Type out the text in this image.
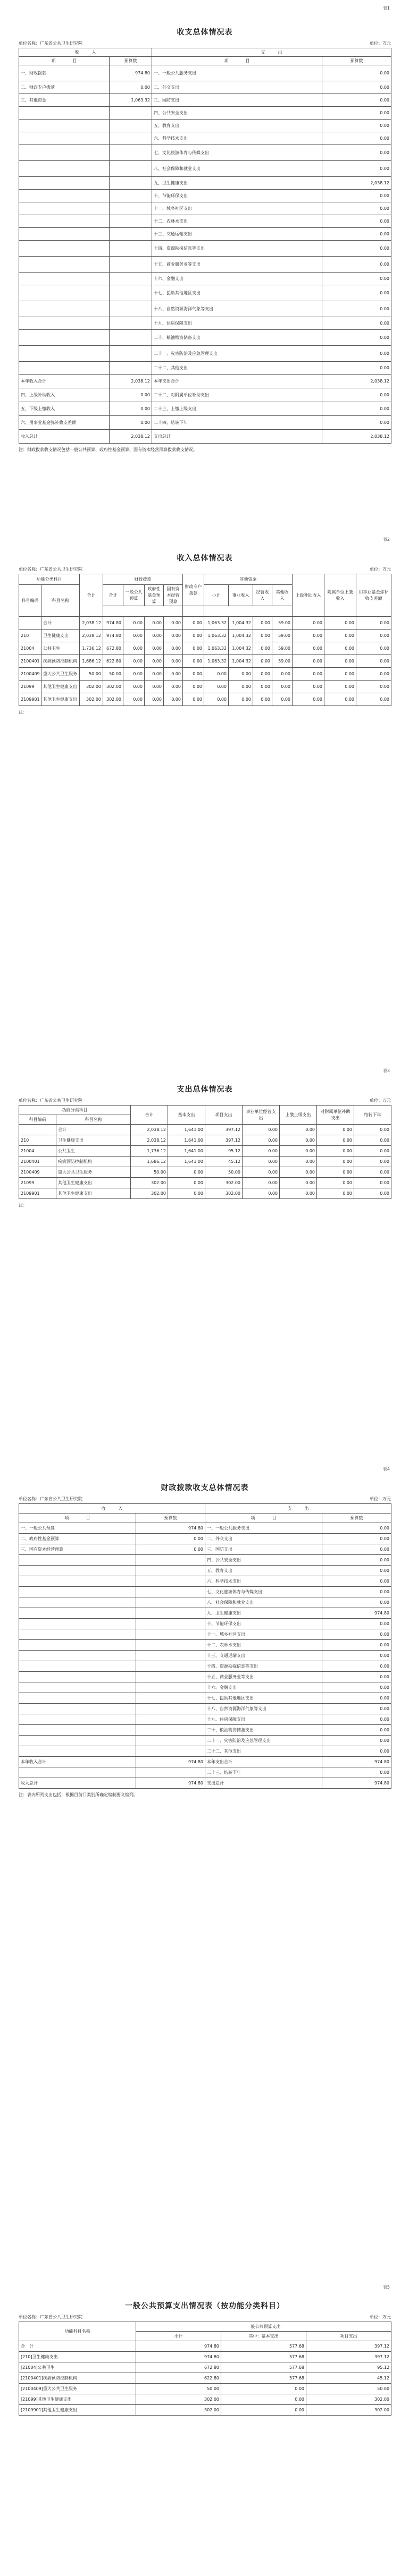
表1
收支总体情况表
单位名称：广东省公共卫生研究院	单位：万元
收　　　入		支　　　出	
项　　　　目	预算数	项　　　　目	预算数
一、财政拨款	974.80	一、一般公共服务支出	0.00
二、财政专户拨款	0.00	二、外交支出	0.00
三、其他资金	1,063.32	三、国防支出	0.00
		四、公共安全支出	0.00
		五、教育支出	0.00
		六、科学技术支出	0.00
		七、文化旅游体育与传媒支出	0.00
		八、社会保障和就业支出	0.00
		九、卫生健康支出	2,038.12
		十、节能环保支出	0.00
		十一、城乡社区支出	0.00
		十二、农林水支出	0.00
		十三、交通运输支出	0.00
		十四、资源勘探信息等支出	0.00
		十五、商业服务业等支出	0.00
		十六、金融支出	0.00
		十七、援助其他地区支出	0.00
		十八、自然资源海洋气象等支出	0.00
		十九、住房保障支出	0.00
		二十、粮油物资储备支出	0.00
		二十一、灾害防治及应急管理支出	0.00
		二十二、其他支出	0.00
本年收入合计	2,038.12	本年支出合计	2,038.12
四、上级补助收入	0.00	二十二、对附属单位补助支出	0.00
五、下级上缴收入	0.00	二十三、上缴上级支出	0.00
六、用事业基金弥补收支差额	0.00	二十四、结转下年	0.00
收入总计	2,038.12	支出总计	2,038.12
注：财政拨款收支情况包括一般公共预算、政府性基金预算、国有资本经营预算拨款收支情况。
表2
收入总体情况表
单位名称：广东省公共卫生研究院	单位：万元
功能分类科目		合计	财政拨款				财政专户拨款	其他资金				上级补助收入	附属单位上缴收入	用事业基金弥补收支差额
科目编码	科目名称		合计	一般公共预算	政府性基金预算	国有资本经营预算		小计	事业收入	经营收入	其他收入			

	合计	2,038.12	974.80	0.00	0.00	0.00	0.00	1,063.32	1,004.32	0.00	59.00	0.00	0.00	0.00
210	卫生健康支出	2,038.12	974.80	0.00	0.00	0.00	0.00	1,063.32	1,004.32	0.00	59.00	0.00	0.00	0.00
21004	公共卫生	1,736.12	672.80	0.00	0.00	0.00	0.00	1,063.32	1,004.32	0.00	59.00	0.00	0.00	0.00
2100401	疾病预防控制机构	1,686.12	622.80	0.00	0.00	0.00	0.00	1,063.32	1,004.32	0.00	59.00	0.00	0.00	0.00
2100409	重大公共卫生服务	50.00	50.00	0.00	0.00	0.00	0.00	0.00	0.00	0.00	0.00	0.00	0.00	0.00
21099	其他卫生健康支出	302.00	302.00	0.00	0.00	0.00	0.00	0.00	0.00	0.00	0.00	0.00	0.00	0.00
2109901	其他卫生健康支出	302.00	302.00	0.00	0.00	0.00	0.00	0.00	0.00	0.00	0.00	0.00	0.00	0.00
注：
表3
支出总体情况表
单位名称：广东省公共卫生研究院	单位：万元
功能分类科目		合计	基本支出	项目支出	事业单位经营支出	上缴上级支出	对附属单位补助支出	结转下年
科目编码	科目名称							
	合计	2,038.12	1,641.00	397.12	0.00	0.00	0.00	0.00
210	卫生健康支出	2,038.12	1,641.00	397.12	0.00	0.00	0.00	0.00
21004	公共卫生	1,736.12	1,641.00	95.12	0.00	0.00	0.00	0.00
2100401	疾病预防控制机构	1,686.12	1,641.00	45.12	0.00	0.00	0.00	0.00
2100409	重大公共卫生服务	50.00	0.00	50.00	0.00	0.00	0.00	0.00
21099	其他卫生健康支出	302.00	0.00	302.00	0.00	0.00	0.00	0.00
2109901	其他卫生健康支出	302.00	0.00	302.00	0.00	0.00	0.00	0.00
注：
表4
财政拨款收支总体情况表
单位名称：广东省公共卫生研究院	单位：万元
收　　　入		支　　　出	
项　　　　目	预算数	项　　　　目	预算数
一、一般公共预算	974.80	一、一般公共服务支出	0.00
二、政府性基金预算	0.00	二、外交支出	0.00
三、国有资本经营预算	0.00	三、国防支出	0.00
		四、公共安全支出	0.00
		五、教育支出	0.00
		六、科学技术支出	0.00
		七、文化旅游体育与传媒支出	0.00
		八、社会保障和就业支出	0.00
		九、卫生健康支出	974.80
		十、节能环保支出	0.00
		十一、城乡社区支出	0.00
		十二、农林水支出	0.00
		十三、交通运输支出	0.00
		十四、资源勘探信息等支出	0.00
		十五、商业服务业等支出	0.00
		十六、金融支出	0.00
		十七、援助其他地区支出	0.00
		十八、自然资源海洋气象等支出	0.00
		十九、住房保障支出	0.00
		二十、粮油物资储备支出	0.00
		二十一、灾害防治及应急管理支出	0.00
		二十二、其他支出	0.00
本年收入合计	974.80	本年支出合计	974.80
		二十三、结转下年	0.00
收入总计	974.80	支出总计	974.80
注：表内所列支出包括：根据目前门类别所确定编制要义编列。
表5
一般公共预算支出情况表（按功能分类科目）
单位名称：广东省公共卫生研究院	单位：万元
功能科目名称	一般公共预算支出		
	小计	其中：基本支出	项目支出
合　计	974.80	577.68	397.12
[210]卫生健康支出	974.80	577.68	397.12
[21004]公共卫生	672.80	577.68	95.12
[2100401]疾病预防控制机构	622.80	577.68	45.12
[2100409]重大公共卫生服务	50.00	0.00	50.00
[21099]其他卫生健康支出	302.00	0.00	302.00
[2109901]其他卫生健康支出	302.00	0.00	302.00
